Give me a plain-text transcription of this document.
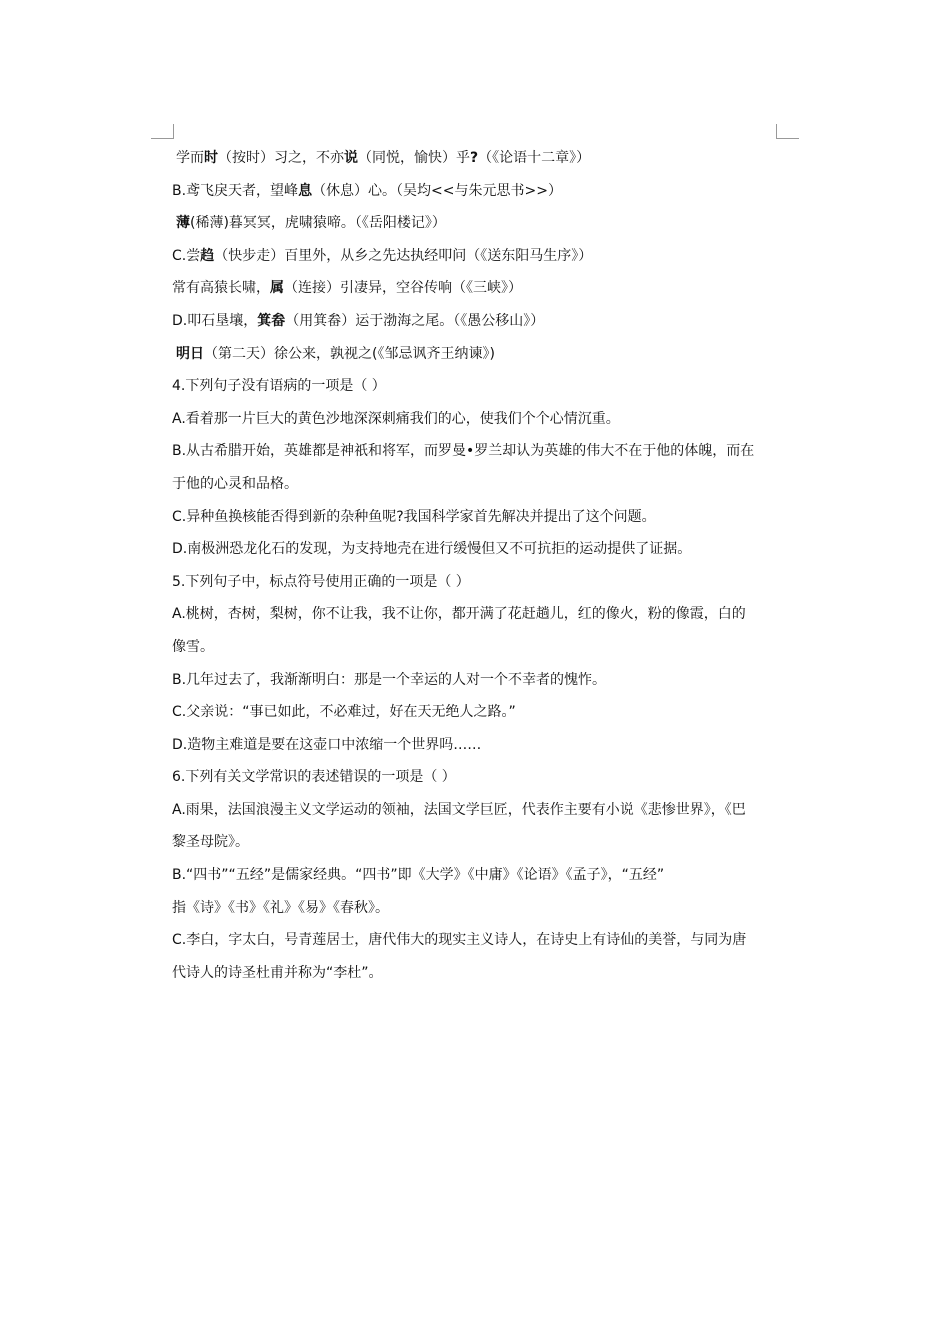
学而时（按时）习之，不亦说（同悦，愉快）乎?（《论语十二章》）
B.鸢飞戾天者，望峰息（休息）心。（吴均<<与朱元思书>>）
薄(稀薄)暮冥冥，虎啸猿啼。（《岳阳楼记》）
C.尝趋（快步走）百里外，从乡之先达执经叩问（《送东阳马生序》）
常有高猿长啸，属（连接）引凄异，空谷传响（《三峡》）
D.叩石垦壤，箕畚（用箕畚）运于渤海之尾。（《愚公移山》）
明日（第二天）徐公来，孰视之(《邹忌讽齐王纳谏》)
4.下列句子没有语病的一项是（ ）
A.看着那一片巨大的黄色沙地深深刺痛我们的心，使我们个个心情沉重。
B.从古希腊开始，英雄都是神祇和将军，而罗曼•罗兰却认为英雄的伟大不在于他的体魄，而在
于他的心灵和品格。
C.异种鱼换核能否得到新的杂种鱼呢?我国科学家首先解决并提出了这个问题。
D.南极洲恐龙化石的发现，为支持地壳在进行缓慢但又不可抗拒的运动提供了证据。
5.下列句子中，标点符号使用正确的一项是（ ）
A.桃树，杏树，梨树，你不让我，我不让你，都开满了花赶趟儿，红的像火，粉的像霞，白的
像雪。
B.几年过去了，我渐渐明白：那是一个幸运的人对一个不幸者的愧怍。
C.父亲说：“事已如此，不必难过，好在天无绝人之路。”
D.造物主难道是要在这壶口中浓缩一个世界吗……
6.下列有关文学常识的表述错误的一项是（ ）
A.雨果，法国浪漫主义文学运动的领袖，法国文学巨匠，代表作主要有小说《悲惨世界》，《巴
黎圣母院》。
B.“四书”“五经”是儒家经典。“四书”即《大学》《中庸》《论语》《孟子》，“五经”
指《诗》《书》《礼》《易》《春秋》。
C.李白，字太白，号青莲居士，唐代伟大的现实主义诗人，在诗史上有诗仙的美誉，与同为唐
代诗人的诗圣杜甫并称为“李杜”。
